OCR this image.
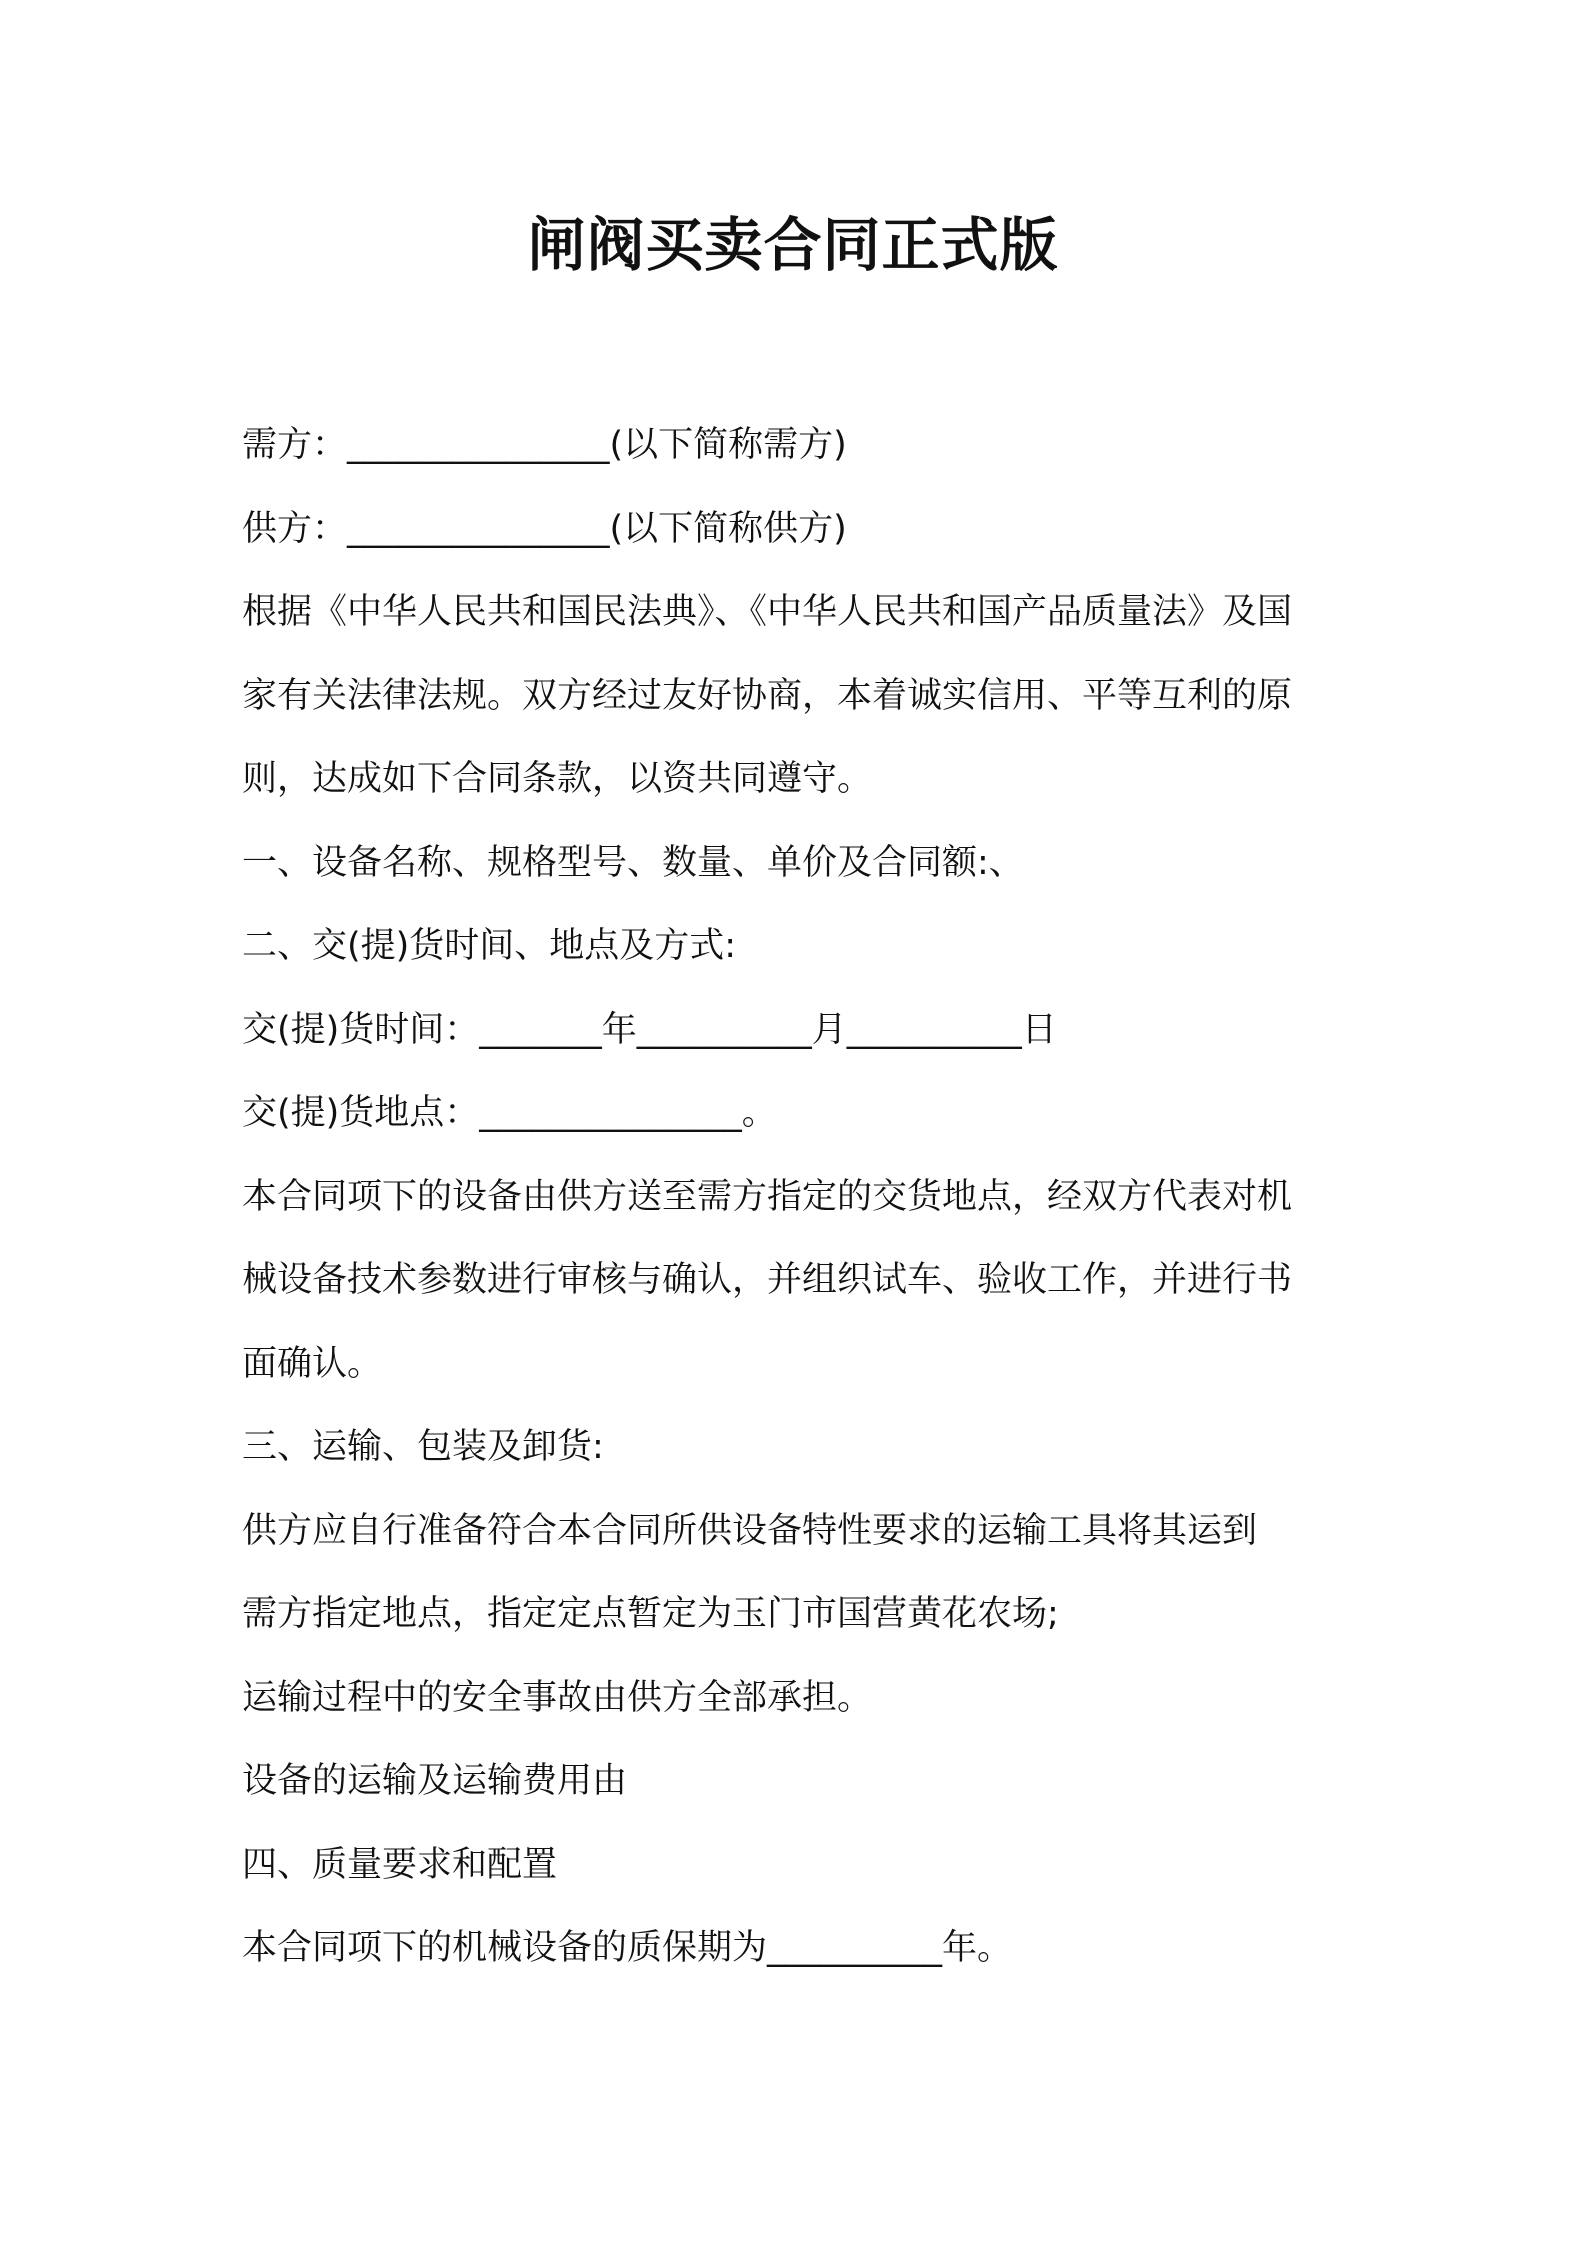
闸阀买卖合同正式版
需方：_______________(以下简称需方)
供方：_______________(以下简称供方)
根据《中华人民共和国民法典》、《中华人民共和国产品质量法》及国
家有关法律法规。双方经过友好协商，本着诚实信用、平等互利的原
则，达成如下合同条款，以资共同遵守。
一、设备名称、规格型号、数量、单价及合同额:、
二、交(提)货时间、地点及方式:
交(提)货时间：_______年__________月__________日
交(提)货地点：_______________。
本合同项下的设备由供方送至需方指定的交货地点，经双方代表对机
械设备技术参数进行审核与确认，并组织试车、验收工作，并进行书
面确认。
三、运输、包装及卸货:
供方应自行准备符合本合同所供设备特性要求的运输工具将其运到
需方指定地点，指定定点暂定为玉门市国营黄花农场;
运输过程中的安全事故由供方全部承担。
设备的运输及运输费用由
四、质量要求和配置
本合同项下的机械设备的质保期为__________年。
